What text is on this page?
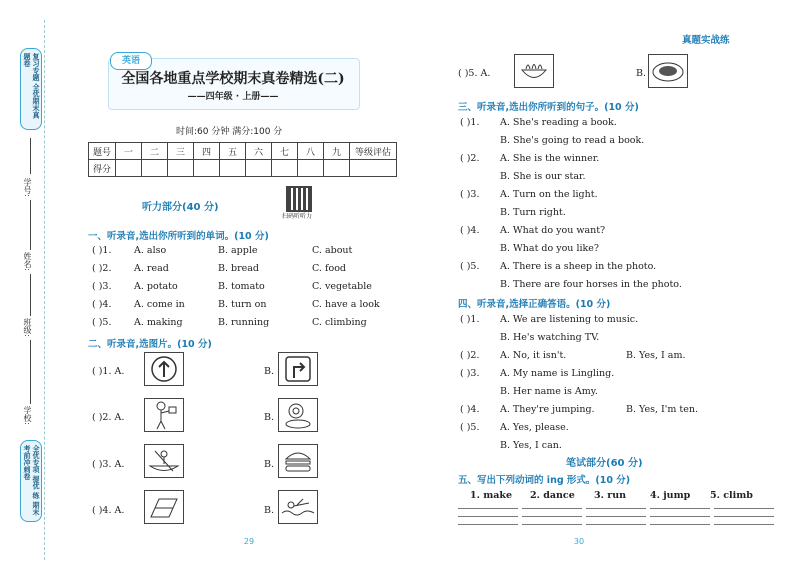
复习专题 全优期末真题卷
学号:
姓名:
班级:
学校:
全优专项 提优 练 期末考前冲刺卷
英语
全国各地重点学校期末真卷精选(二)
——四年级 · 上册——
时间:60 分钟 满分:100 分
题号	一	二	三	四	五	六	七	八	九	等级评估
得分										
听力部分(40 分)
扫码听听力
一、听录音,选出你所听到的单词。(10 分)
( )1. A. also	B. apple	C. about
( )2. A. read	B. bread	C. food
( )3. A. potato	B. tomato	C. vegetable
( )4. A. come in	B. turn on	C. have a look
( )5. A. making	B. running	C. climbing
二、听录音,选图片。(10 分)
( )1. A.	B.
( )2. A.	B.
( )3. A.	B.
( )4. A.	B.
29
真题实战练
( )5. A.	B.
三、听录音,选出你所听到的句子。(10 分)
( )1. A. She's reading a book.
B. She's going to read a book.
( )2. A. She is the winner.
B. She is our star.
( )3. A. Turn on the light.
B. Turn right.
( )4. A. What do you want?
B. What do you like?
( )5. A. There is a sheep in the photo.
B. There are four horses in the photo.
四、听录音,选择正确答语。(10 分)
( )1. A. We are listening to music.
B. He's watching TV.
( )2. A. No, it isn't.	B. Yes, I am.
( )3. A. My name is Lingling.
B. Her name is Amy.
( )4. A. They're jumping.	B. Yes, I'm ten.
( )5. A. Yes, please.
B. Yes, I can.
笔试部分(60 分)
五、写出下列动词的 ing 形式。(10 分)
1. make 2. dance 3. run	4. jump 5. climb
30
